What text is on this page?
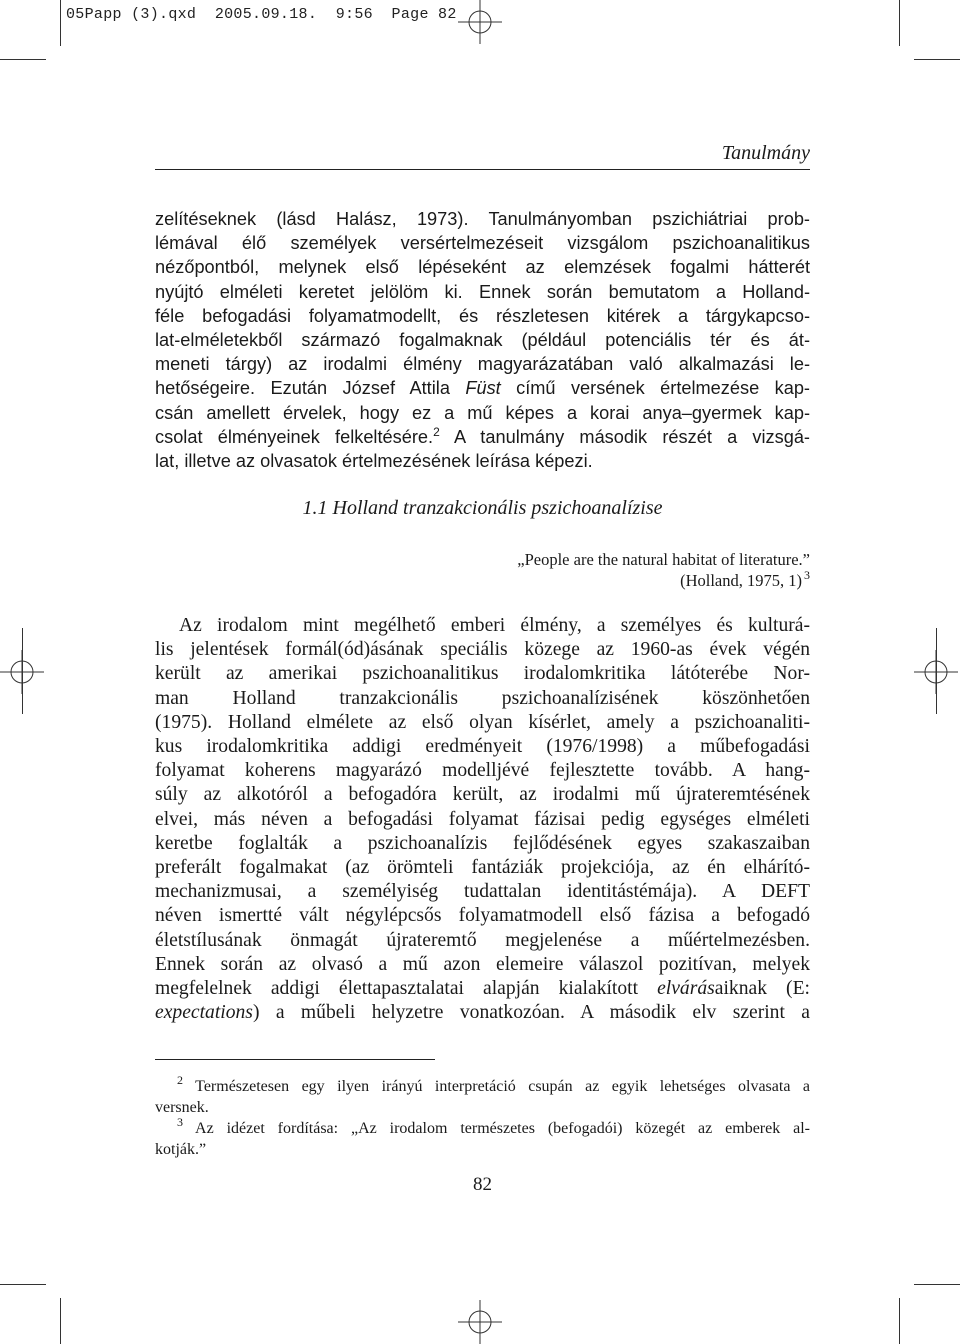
05Papp (3).qxd  2005.09.18.  9:56  Page 82
Tanulmány
zelítéseknek (lásd Halász, 1973). Tanulmányomban pszichiátriai prob-
lémával élő személyek versértelmezéseit vizsgálom pszichoanalitikus
nézőpontból, melynek első lépéseként az elemzések fogalmi hátterét
nyújtó elméleti keretet jelölöm ki. Ennek során bemutatom a Holland-
féle befogadási folyamatmodellt, és részletesen kitérek a tárgykapcso-
lat-elméletekből származó fogalmaknak (például potenciális tér és át-
meneti tárgy) az irodalmi élmény magyarázatában való alkalmazási le-
hetőségeire. Ezután József Attila Füst című versének értelmezése kap-
csán amellett érvelek, hogy ez a mű képes a korai anya–gyermek kap-
csolat élményeinek felkeltésére.$^2$ A tanulmány második részét a vizsgá-
lat, illetve az olvasatok értelmezésének leírása képezi.
1.1 Holland tranzakcionális pszichoanalízise
„People are the natural habitat of literature.”
(Holland, 1975, 1) $^3$
Az irodalom mint megélhető emberi élmény, a személyes és kulturá-
lis jelentések formál(ód)ásának speciális közege az 1960-as évek végén
került az amerikai pszichoanalitikus irodalomkritika látóterébe Nor-
man Holland tranzakcionális pszichoanalízisének köszönhetően
(1975). Holland elmélete az első olyan kísérlet, amely a pszichoanaliti-
kus irodalomkritika addigi eredményeit (1976/1998) a műbefogadási
folyamat koherens magyarázó modelljévé fejlesztette tovább. A hang-
súly az alkotóról a befogadóra került, az irodalmi mű újrateremtésének
elvei, más néven a befogadási folyamat fázisai pedig egységes elméleti
keretbe foglalták a pszichoanalízis fejlődésének egyes szakaszaiban
preferált fogalmakat (az örömteli fantáziák projekciója, az én elhárító-
mechanizmusai, a személyiség tudattalan identitástémája). A DEFT
néven ismertté vált négylépcsős folyamatmodell első fázisa a befogadó
életstílusának önmagát újrateremtő megjelenése a műértelmezésben.
Ennek során az olvasó a mű azon elemeire válaszol pozitívan, melyek
megfelelnek addigi élettapasztalatai alapján kialakított elvárásaiknak (E:
expectations) a műbeli helyzetre vonatkozóan. A második elv szerint a
$^2$ Természetesen egy ilyen irányú interpretáció csupán az egyik lehetséges olvasata a
versnek.
$^3$ Az idézet fordítása: „Az irodalom természetes (befogadói) közegét az emberek al-
kotják.”
82
